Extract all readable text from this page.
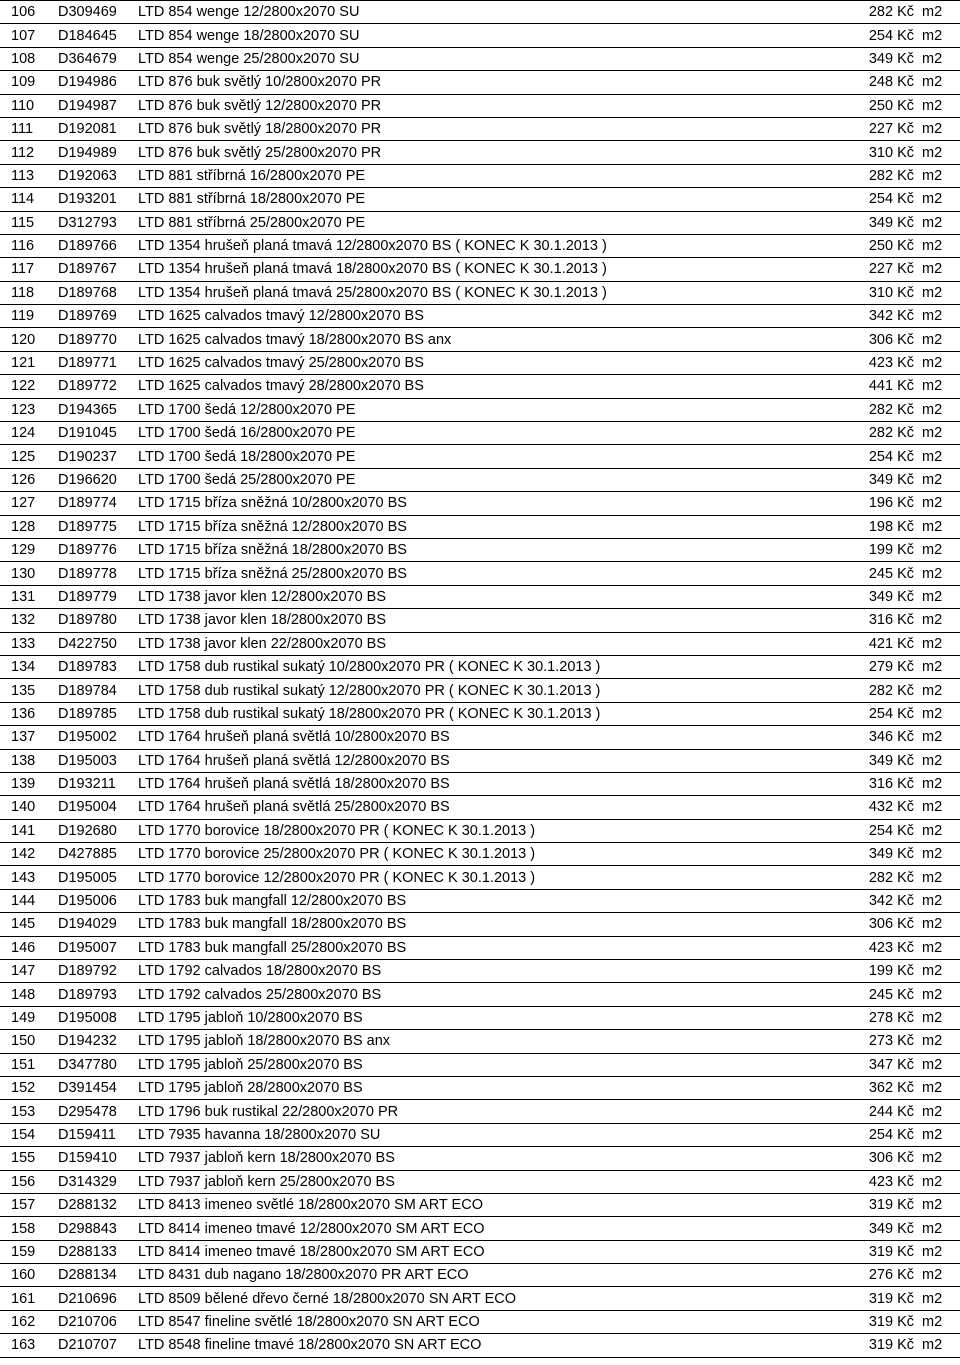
106	D309469	LTD 854 wenge 12/2800x2070 SU	282 Kč	m2
107	D184645	LTD 854 wenge 18/2800x2070 SU	254 Kč	m2
108	D364679	LTD 854 wenge 25/2800x2070 SU	349 Kč	m2
109	D194986	LTD 876 buk světlý 10/2800x2070 PR	248 Kč	m2
110	D194987	LTD 876 buk světlý 12/2800x2070 PR	250 Kč	m2
111	D192081	LTD 876 buk světlý 18/2800x2070 PR	227 Kč	m2
112	D194989	LTD 876 buk světlý 25/2800x2070 PR	310 Kč	m2
113	D192063	LTD 881 stříbrná 16/2800x2070 PE	282 Kč	m2
114	D193201	LTD 881 stříbrná 18/2800x2070 PE	254 Kč	m2
115	D312793	LTD 881 stříbrná 25/2800x2070 PE	349 Kč	m2
116	D189766	LTD 1354 hrušeň planá tmavá 12/2800x2070 BS ( KONEC K 30.1.2013 )	250 Kč	m2
117	D189767	LTD 1354 hrušeň planá tmavá 18/2800x2070 BS ( KONEC K 30.1.2013 )	227 Kč	m2
118	D189768	LTD 1354 hrušeň planá tmavá 25/2800x2070 BS ( KONEC K 30.1.2013 )	310 Kč	m2
119	D189769	LTD 1625 calvados tmavý 12/2800x2070 BS	342 Kč	m2
120	D189770	LTD 1625 calvados tmavý 18/2800x2070 BS anx	306 Kč	m2
121	D189771	LTD 1625 calvados tmavý 25/2800x2070 BS	423 Kč	m2
122	D189772	LTD 1625 calvados tmavý 28/2800x2070 BS	441 Kč	m2
123	D194365	LTD 1700 šedá 12/2800x2070 PE	282 Kč	m2
124	D191045	LTD 1700 šedá 16/2800x2070 PE	282 Kč	m2
125	D190237	LTD 1700 šedá 18/2800x2070 PE	254 Kč	m2
126	D196620	LTD 1700 šedá 25/2800x2070 PE	349 Kč	m2
127	D189774	LTD 1715 bříza sněžná 10/2800x2070 BS	196 Kč	m2
128	D189775	LTD 1715 bříza sněžná 12/2800x2070 BS	198 Kč	m2
129	D189776	LTD 1715 bříza sněžná 18/2800x2070 BS	199 Kč	m2
130	D189778	LTD 1715 bříza sněžná 25/2800x2070 BS	245 Kč	m2
131	D189779	LTD 1738 javor klen 12/2800x2070 BS	349 Kč	m2
132	D189780	LTD 1738 javor klen 18/2800x2070 BS	316 Kč	m2
133	D422750	LTD 1738 javor klen 22/2800x2070 BS	421 Kč	m2
134	D189783	LTD 1758 dub rustikal sukatý 10/2800x2070 PR ( KONEC K 30.1.2013 )	279 Kč	m2
135	D189784	LTD 1758 dub rustikal sukatý 12/2800x2070 PR ( KONEC K 30.1.2013 )	282 Kč	m2
136	D189785	LTD 1758 dub rustikal sukatý 18/2800x2070 PR ( KONEC K 30.1.2013 )	254 Kč	m2
137	D195002	LTD 1764 hrušeň planá světlá 10/2800x2070 BS	346 Kč	m2
138	D195003	LTD 1764 hrušeň planá světlá 12/2800x2070 BS	349 Kč	m2
139	D193211	LTD 1764 hrušeň planá světlá 18/2800x2070 BS	316 Kč	m2
140	D195004	LTD 1764 hrušeň planá světlá 25/2800x2070 BS	432 Kč	m2
141	D192680	LTD 1770 borovice 18/2800x2070 PR ( KONEC K 30.1.2013 )	254 Kč	m2
142	D427885	LTD 1770 borovice 25/2800x2070 PR ( KONEC K 30.1.2013 )	349 Kč	m2
143	D195005	LTD 1770 borovice 12/2800x2070 PR ( KONEC K 30.1.2013 )	282 Kč	m2
144	D195006	LTD 1783 buk mangfall 12/2800x2070 BS	342 Kč	m2
145	D194029	LTD 1783 buk mangfall 18/2800x2070 BS	306 Kč	m2
146	D195007	LTD 1783 buk mangfall 25/2800x2070 BS	423 Kč	m2
147	D189792	LTD 1792 calvados 18/2800x2070 BS	199 Kč	m2
148	D189793	LTD 1792 calvados 25/2800x2070 BS	245 Kč	m2
149	D195008	LTD 1795 jabloň 10/2800x2070 BS	278 Kč	m2
150	D194232	LTD 1795 jabloň 18/2800x2070 BS anx	273 Kč	m2
151	D347780	LTD 1795 jabloň 25/2800x2070 BS	347 Kč	m2
152	D391454	LTD 1795 jabloň 28/2800x2070 BS	362 Kč	m2
153	D295478	LTD 1796 buk rustikal 22/2800x2070 PR	244 Kč	m2
154	D159411	LTD 7935 havanna 18/2800x2070 SU	254 Kč	m2
155	D159410	LTD 7937 jabloň kern 18/2800x2070 BS	306 Kč	m2
156	D314329	LTD 7937 jabloň kern 25/2800x2070 BS	423 Kč	m2
157	D288132	LTD 8413 imeneo světlé 18/2800x2070 SM ART ECO	319 Kč	m2
158	D298843	LTD 8414 imeneo tmavé 12/2800x2070 SM ART ECO	349 Kč	m2
159	D288133	LTD 8414 imeneo tmavé 18/2800x2070 SM ART ECO	319 Kč	m2
160	D288134	LTD 8431 dub nagano 18/2800x2070 PR ART ECO	276 Kč	m2
161	D210696	LTD 8509 bělené dřevo černé 18/2800x2070 SN ART ECO	319 Kč	m2
162	D210706	LTD 8547 fineline světlé 18/2800x2070 SN ART ECO	319 Kč	m2
163	D210707	LTD 8548 fineline tmavé 18/2800x2070 SN ART ECO	319 Kč	m2
